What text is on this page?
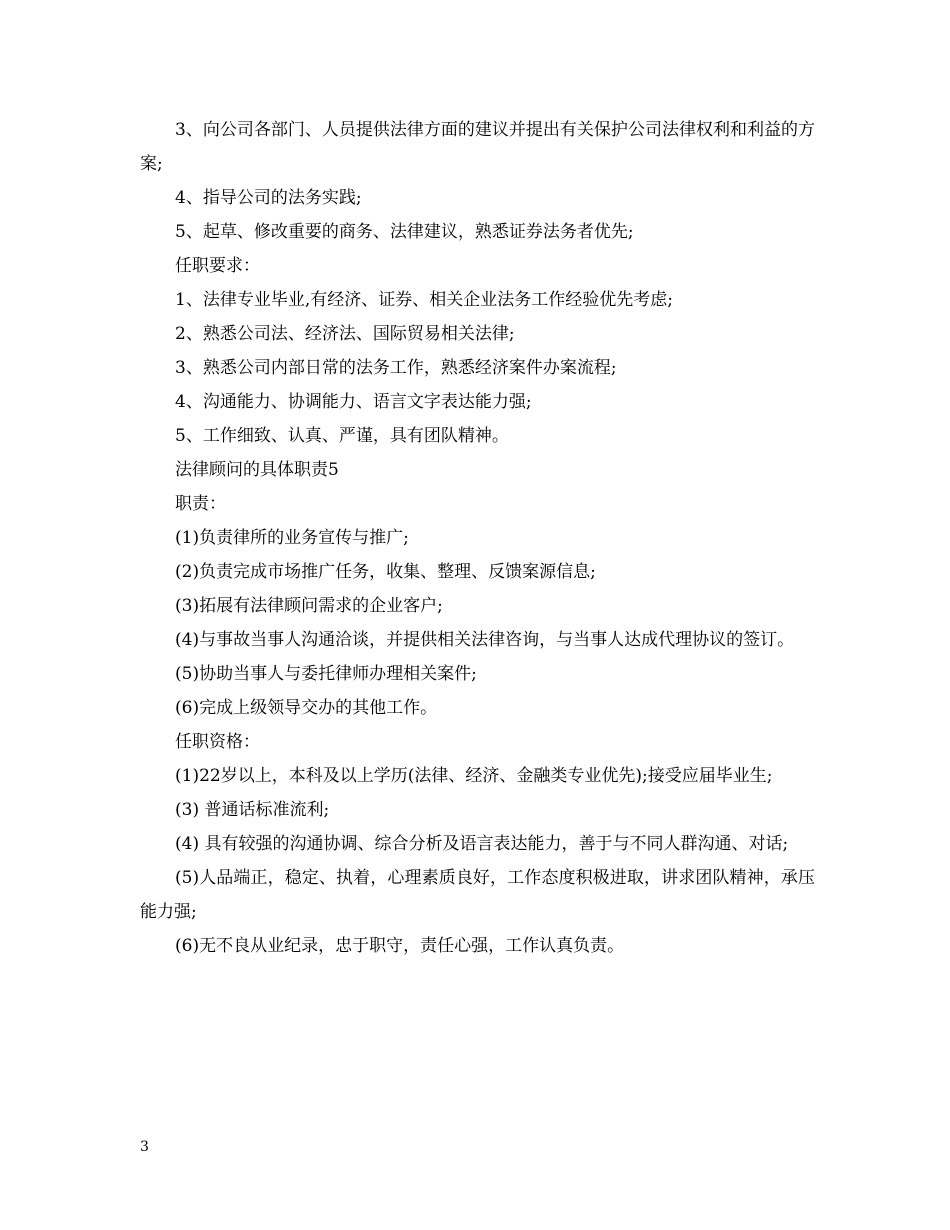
3、向公司各部门、人员提供法律方面的建议并提出有关保护公司法律权利和利益的方案;

4、指导公司的法务实践;

5、起草、修改重要的商务、法律建议，熟悉证券法务者优先;

任职要求：

1、法律专业毕业,有经济、证券、相关企业法务工作经验优先考虑;

2、熟悉公司法、经济法、国际贸易相关法律;

3、熟悉公司内部日常的法务工作，熟悉经济案件办案流程;

4、沟通能力、协调能力、语言文字表达能力强;

5、工作细致、认真、严谨，具有团队精神。

法律顾问的具体职责5

职责：

(1)负责律所的业务宣传与推广;

(2)负责完成市场推广任务，收集、整理、反馈案源信息;

(3)拓展有法律顾问需求的企业客户;

(4)与事故当事人沟通洽谈，并提供相关法律咨询，与当事人达成代理协议的签订。

(5)协助当事人与委托律师办理相关案件;

(6)完成上级领导交办的其他工作。

任职资格：

(1)22岁以上，本科及以上学历(法律、经济、金融类专业优先);接受应届毕业生;

(3) 普通话标准流利;

(4) 具有较强的沟通协调、综合分析及语言表达能力，善于与不同人群沟通、对话;

(5)人品端正，稳定、执着，心理素质良好，工作态度积极进取，讲求团队精神，承压能力强;

(6)无不良从业纪录，忠于职守，责任心强，工作认真负责。

3
